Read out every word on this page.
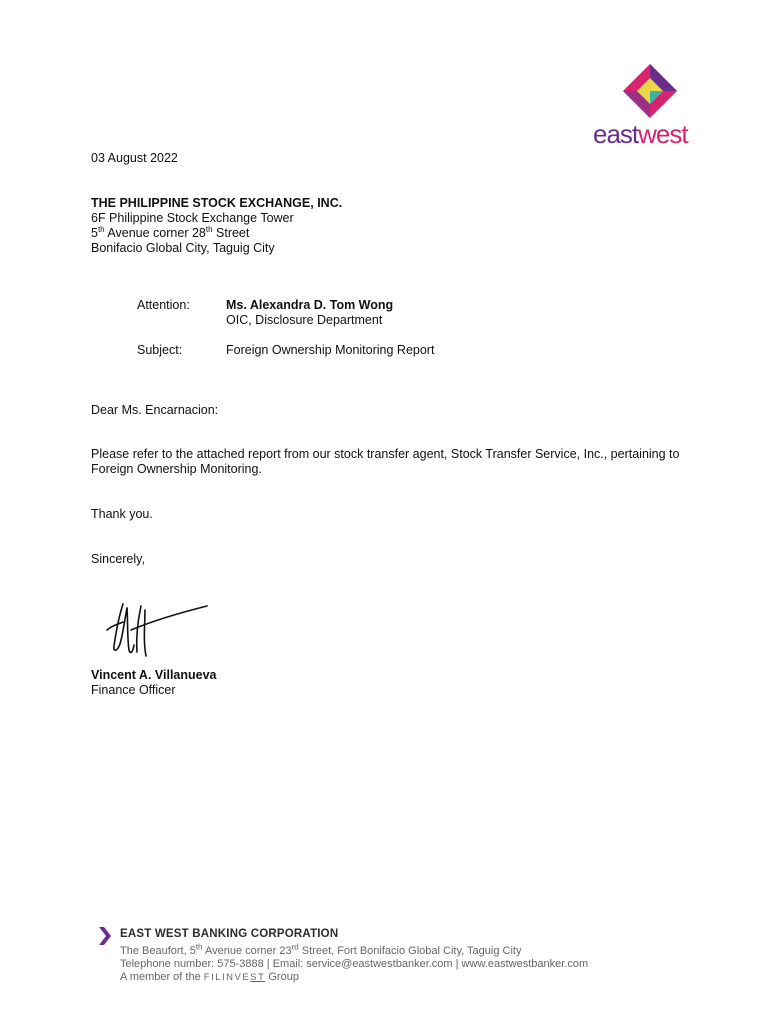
eastwest
03 August 2022
THE PHILIPPINE STOCK EXCHANGE, INC.
6F Philippine Stock Exchange Tower
5th Avenue corner 28th Street
Bonifacio Global City, Taguig City
Attention:	Ms. Alexandra D. Tom Wong
OIC, Disclosure Department
Subject:	Foreign Ownership Monitoring Report
Dear Ms. Encarnacion:
Please refer to the attached report from our stock transfer agent, Stock Transfer Service, Inc., pertaining to Foreign Ownership Monitoring.
Thank you.
Sincerely,
Vincent A. Villanueva
Finance Officer
EAST WEST BANKING CORPORATION
The Beaufort, 5th Avenue corner 23rd Street, Fort Bonifacio Global City, Taguig City
Telephone number: 575-3888 | Email: service@eastwestbanker.com | www.eastwestbanker.com
A member of the FILINVEST Group
